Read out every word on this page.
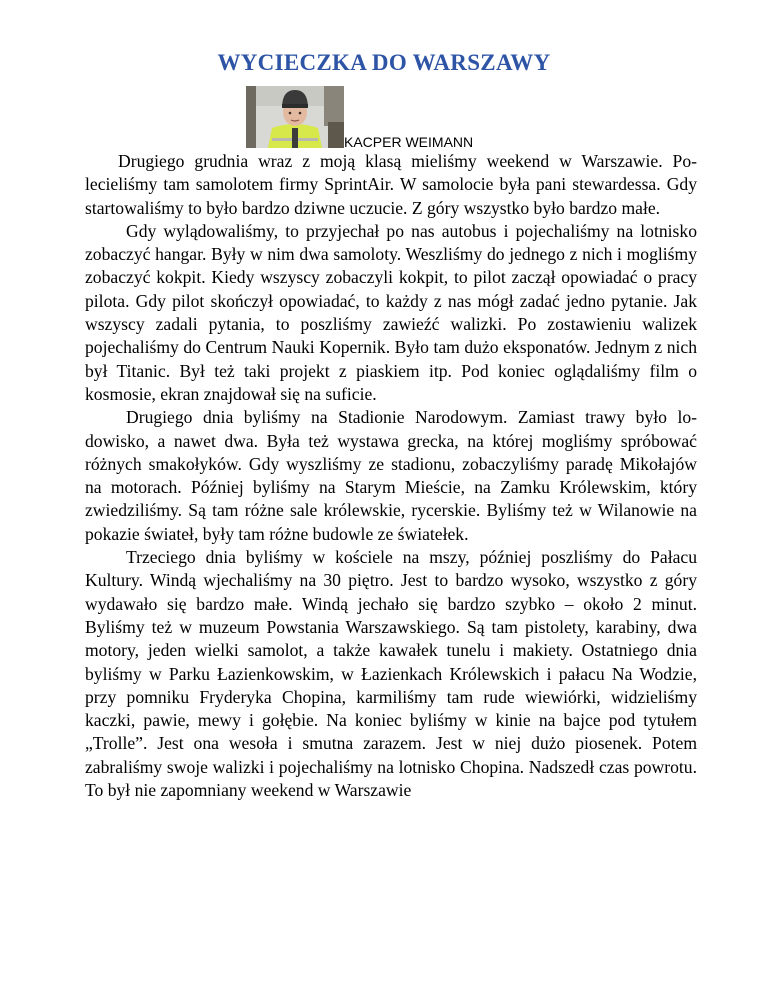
WYCIECZKA DO WARSZAWY
KACPER WEIMANN

Drugiego grudnia wraz z moją klasą mieliśmy weekend w Warszawie. Polecieliśmy tam samolotem firmy SprintAir. W samolocie była pani stewardessa. Gdy startowaliśmy to było bardzo dziwne uczucie. Z góry wszystko było bardzo małe.

Gdy wylądowaliśmy, to przyjechał po nas autobus i pojechaliśmy na lotnisko zobaczyć hangar. Były w nim dwa samoloty. Weszliśmy do jednego z nich i mogliśmy zobaczyć kokpit. Kiedy wszyscy zobaczyli kokpit, to pilot zaczął opowiadać o pracy pilota. Gdy pilot skończył opowiadać, to każdy z nas mógł zadać jedno pytanie. Jak wszyscy zadali pytania, to poszliśmy zawieźć walizki. Po zostawieniu walizek pojechaliśmy do Centrum Nauki Kopernik. Było tam dużo eksponatów. Jednym z nich był Titanic. Był też taki projekt z piaskiem itp. Pod koniec oglądaliśmy film o kosmosie, ekran znajdował się na suficie.

Drugiego dnia byliśmy na Stadionie Narodowym. Zamiast trawy było lodowisko, a nawet dwa. Była też wystawa grecka, na której mogliśmy spróbować różnych smakołyków. Gdy wyszliśmy ze stadionu, zobaczyliśmy paradę Mikołajów na motorach. Później byliśmy na Starym Mieście, na Zamku Królewskim, który zwiedziliśmy. Są tam różne sale królewskie, rycerskie. Byliśmy też w Wilanowie na pokazie świateł, były tam różne budowle ze światełek.

Trzeciego dnia byliśmy w kościele na mszy, później poszliśmy do Pałacu Kultury. Windą wjechaliśmy na 30 piętro. Jest to bardzo wysoko, wszystko z góry wydawało się bardzo małe. Windą jechało się bardzo szybko – około 2 minut. Byliśmy też w muzeum Powstania Warszawskiego. Są tam pistolety, karabiny, dwa motory, jeden wielki samolot, a także kawałek tunelu i makiety. Ostatniego dnia byliśmy w Parku Łazienkowskim, w Łazienkach Królewskich i pałacu Na Wodzie, przy pomniku Fryderyka Chopina, karmiliśmy tam rude wiewiórki, widzieliśmy kaczki, pawie, mewy i gołębie. Na koniec byliśmy w kinie na bajce pod tytułem „Trolle”. Jest ona wesoła i smutna zarazem. Jest w niej dużo piosenek. Potem zabraliśmy swoje walizki i pojechaliśmy na lotnisko Chopina. Nadszedł czas powrotu. To był nie zapomniany weekend w Warszawie
